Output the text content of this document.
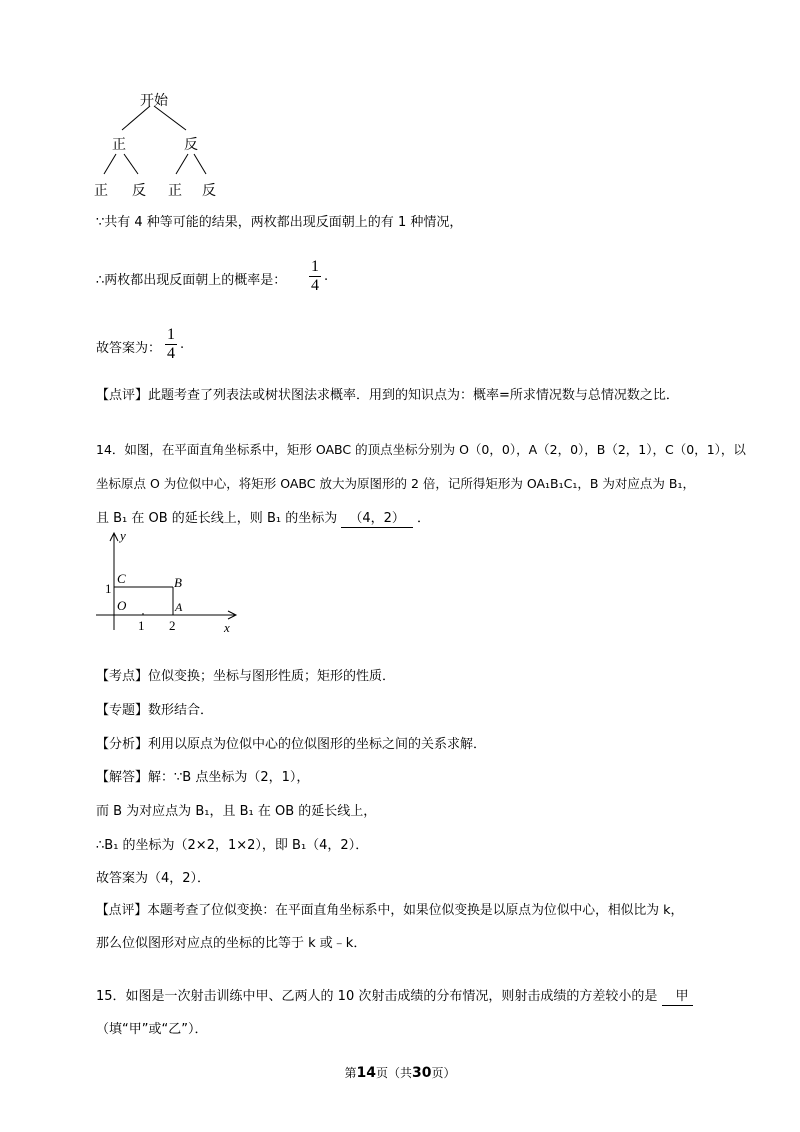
开始
正	反
正 反 正 反
∵共有 4 种等可能的结果，两枚都出现反面朝上的有 1 种情况，
∴两枚都出现反面朝上的概率是：
1
4
.
故答案为：
1
4
.
【点评】此题考查了列表法或树状图法求概率．用到的知识点为：概率=所求情况数与总情况数之比．
14．如图，在平面直角坐标系中，矩形 OABC 的顶点坐标分别为 O（0，0），A（2，0），B（2，1），C（0，1），以
坐标原点 O 为位似中心，将矩形 OABC 放大为原图形的 2 倍，记所得矩形为 OA₁B₁C₁，B 为对应点为 B₁，
且 B₁ 在 OB 的延长线上，则 B₁ 的坐标为 （4，2） ．
y
x
C	B
O	A
1
1 2
【考点】位似变换；坐标与图形性质；矩形的性质．
【专题】数形结合．
【分析】利用以原点为位似中心的位似图形的坐标之间的关系求解．
【解答】解：∵B 点坐标为（2，1），
而 B 为对应点为 B₁，且 B₁ 在 OB 的延长线上，
∴B₁ 的坐标为（2×2，1×2），即 B₁（4，2）．
故答案为（4，2）．
【点评】本题考查了位似变换：在平面直角坐标系中，如果位似变换是以原点为位似中心，相似比为 k，
那么位似图形对应点的坐标的比等于 k 或﹣k．
15．如图是一次射击训练中甲、乙两人的 10 次射击成绩的分布情况，则射击成绩的方差较小的是 甲
（填“甲”或“乙”）．
第14页（共30页）
